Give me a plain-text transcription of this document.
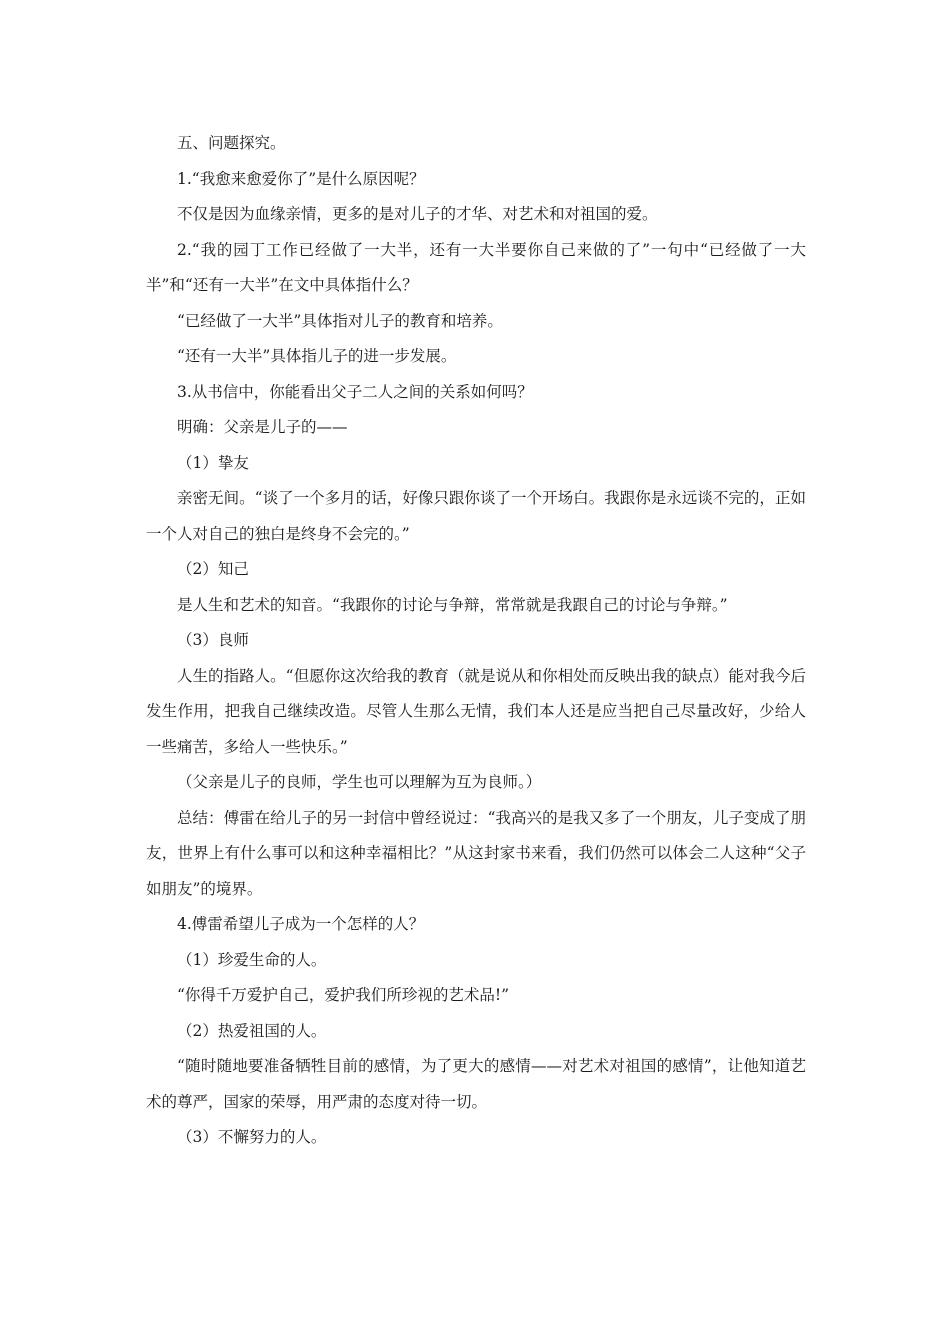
五、问题探究。

1.“我愈来愈爱你了”是什么原因呢？

不仅是因为血缘亲情，更多的是对儿子的才华、对艺术和对祖国的爱。

2.“我的园丁工作已经做了一大半，还有一大半要你自己来做的了”一句中“已经做了一大半”和“还有一大半”在文中具体指什么？

“已经做了一大半”具体指对儿子的教育和培养。

“还有一大半”具体指儿子的进一步发展。

3.从书信中，你能看出父子二人之间的关系如何吗？

明确：父亲是儿子的——

（1）挚友

亲密无间。“谈了一个多月的话，好像只跟你谈了一个开场白。我跟你是永远谈不完的，正如一个人对自己的独白是终身不会完的。”

（2）知己

是人生和艺术的知音。“我跟你的讨论与争辩，常常就是我跟自己的讨论与争辩。”

（3）良师

人生的指路人。“但愿你这次给我的教育（就是说从和你相处而反映出我的缺点）能对我今后发生作用，把我自己继续改造。尽管人生那么无情，我们本人还是应当把自己尽量改好，少给人一些痛苦，多给人一些快乐。”

（父亲是儿子的良师，学生也可以理解为互为良师。）

总结：傅雷在给儿子的另一封信中曾经说过：“我高兴的是我又多了一个朋友，儿子变成了朋友，世界上有什么事可以和这种幸福相比？”从这封家书来看，我们仍然可以体会二人这种“父子如朋友”的境界。

4.傅雷希望儿子成为一个怎样的人？

（1）珍爱生命的人。

“你得千万爱护自己，爱护我们所珍视的艺术品!”

（2）热爱祖国的人。

“随时随地要准备牺牲目前的感情，为了更大的感情——对艺术对祖国的感情”，让他知道艺术的尊严，国家的荣辱，用严肃的态度对待一切。

（3）不懈努力的人。
